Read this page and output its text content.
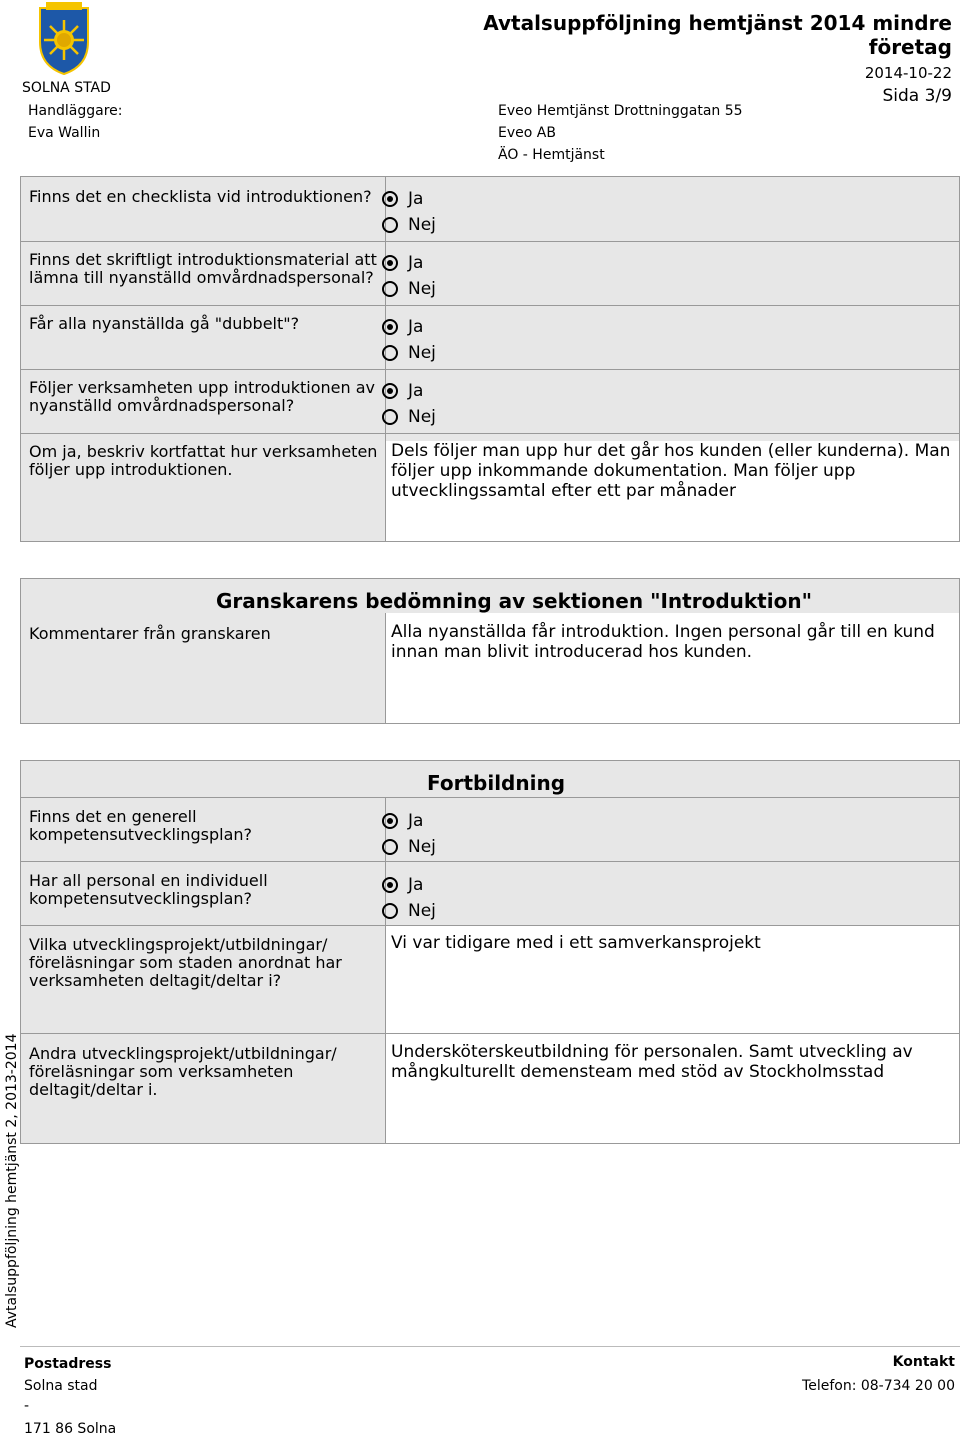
SOLNA STAD
Avtalsuppföljning hemtjänst 2014 mindre företag
2014-10-22
Sida 3/9
Handläggare:
Eva Wallin
Eveo Hemtjänst Drottninggatan 55
Eveo AB
ÄO - Hemtjänst
Finns det en checklista vid introduktionen?
Finns det skriftligt introduktionsmaterial att lämna till nyanställd omvårdnadspersonal?
Får alla nyanställda gå "dubbelt"?
Följer verksamheten upp introduktionen av nyanställd omvårdnadspersonal?
Om ja, beskriv kortfattat hur verksamheten följer upp introduktionen.
Dels följer man upp hur det går hos kunden (eller kunderna). Man följer upp inkommande dokumentation. Man följer upp utvecklingssamtal efter ett par månader
Ja
Nej
Ja
Nej
Ja
Nej
Ja
Nej
Granskarens bedömning av sektionen "Introduktion"
Kommentarer från granskaren	Alla nyanställda får introduktion. Ingen personal går till en kund innan man blivit introducerad hos kunden.
Fortbildning
Finns det en generell kompetensutvecklingsplan?
Har all personal en individuell kompetensutvecklingsplan?
Vilka utvecklingsprojekt/utbildningar/ föreläsningar som staden anordnat har verksamheten deltagit/deltar i?
Vi var tidigare med i ett samverkansprojekt
Andra utvecklingsprojekt/utbildningar/ föreläsningar som verksamheten deltagit/deltar i.
Undersköterskeutbildning för personalen. Samt utveckling av mångkulturellt demensteam med stöd av Stockholmsstad
Ja
Nej
Ja
Nej
Avtalsuppföljning hemtjänst 2, 2013-2014
Postadress
Solna stad
-
171 86 Solna
Kontakt
Telefon: 08-734 20 00
